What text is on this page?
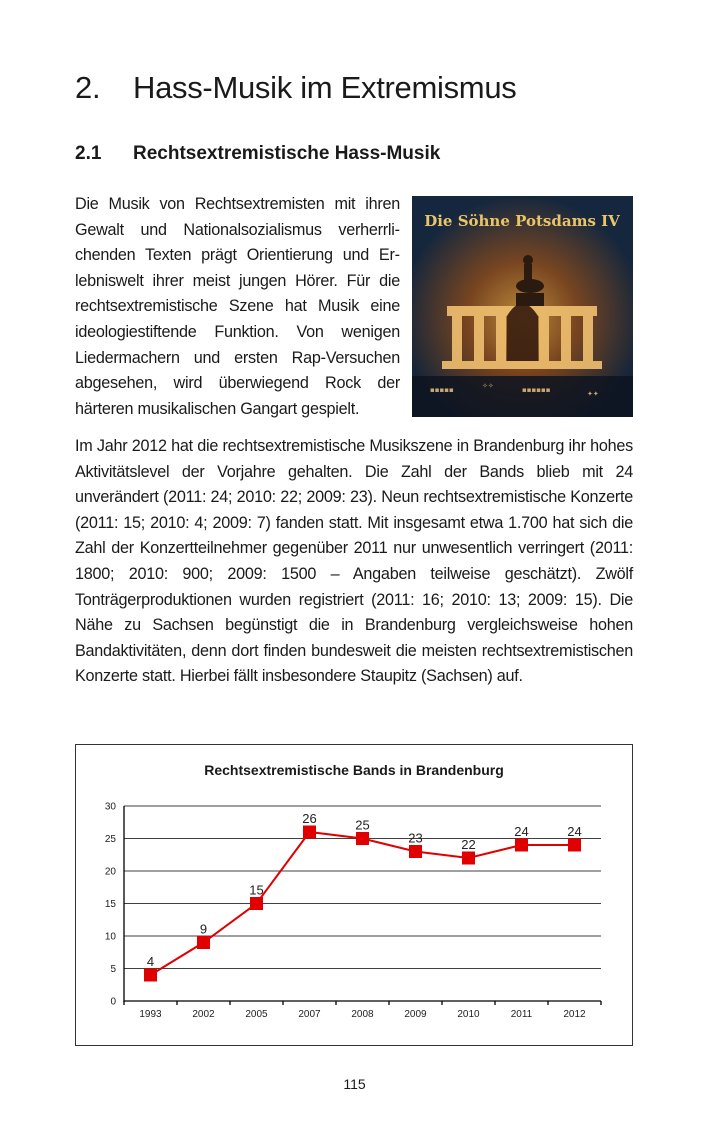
2. Hass-Musik im Extremismus
2.1 Rechtsextremistische Hass-Musik

Die Musik von Rechtsextremisten mit ihren Gewalt und Nationalsozialismus verherrlichenden Texten prägt Orientierung und Erlebniswelt ihrer meist jungen Hörer. Für die rechtsextremistische Szene hat Musik eine ideologiestiftende Funktion. Von wenigen Liedermachern und ersten Rap-Versuchen abgesehen, wird überwiegend Rock der härteren musikalischen Gangart gespielt.

Die Söhne Potsdams IV
▪▪▪▪▪	✧✧	▪▪▪▪▪▪	✦✦

Im Jahr 2012 hat die rechtsextremistische Musikszene in Brandenburg ihr hohes Aktivitätslevel der Vorjahre gehalten. Die Zahl der Bands blieb mit 24 unverändert (2011: 24; 2010: 22; 2009: 23). Neun rechtsextremistische Konzerte (2011: 15; 2010: 4; 2009: 7) fanden statt. Mit insgesamt etwa 1.700 hat sich die Zahl der Konzertteilnehmer gegenüber 2011 nur unwesentlich verringert (2011: 1800; 2010: 900; 2009: 1500 – Angaben teilweise geschätzt). Zwölf Tonträgerproduktionen wurden registriert (2011: 16; 2010: 13; 2009: 15). Die Nähe zu Sachsen begünstigt die in Brandenburg vergleichsweise hohen Bandaktivitäten, denn dort finden bundesweit die meisten rechtsextremistischen Konzerte statt. Hierbei fällt insbesondere Staupitz (Sachsen) auf.

Rechtsextremistische Bands in Brandenburg
0
5
10
15
20
25
30
1993	2002	2005	2007	2008	2009	2010	2011	2012
4
9
15
26	25
23	22
24	24
115
